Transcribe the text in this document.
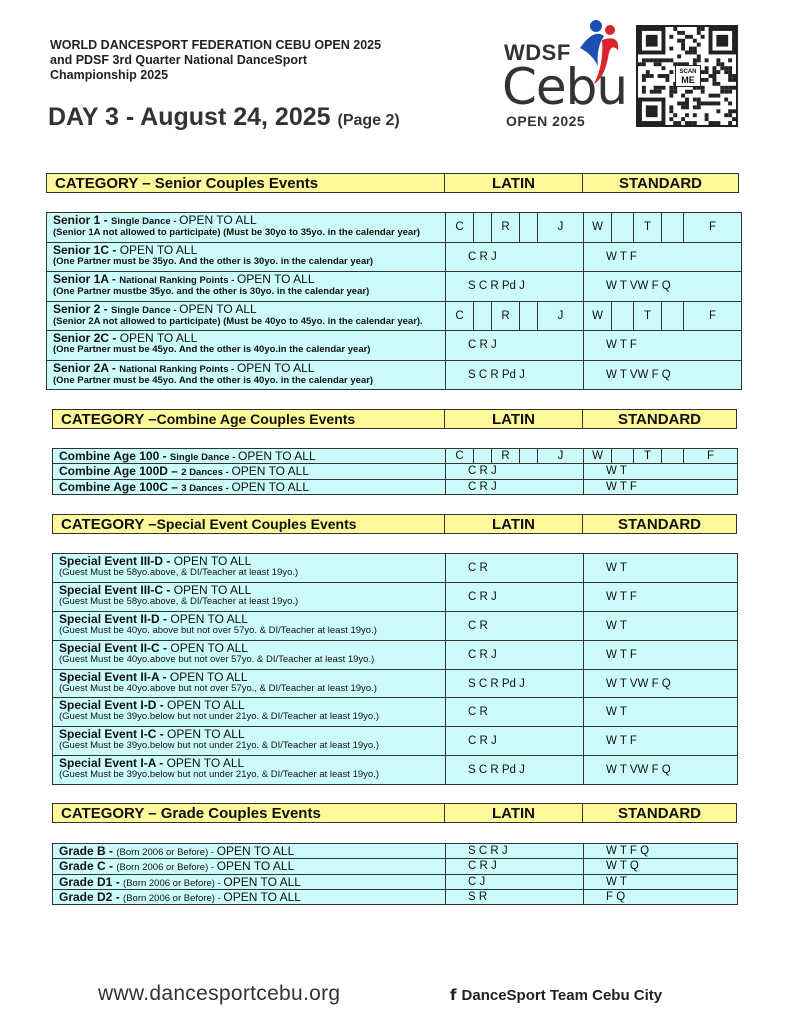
WORLD DANCESPORT FEDERATION CEBU OPEN 2025
and PDSF 3rd Quarter National DanceSport
Championship 2025
DAY 3 - August 24, 2025 (Page 2)
WDSF
Cebu
OPEN 2025
SCAN
ME
CATEGORY – Senior Couples Events	LATIN	STANDARD
Senior 1 - Single Dance - OPEN TO ALL
(Senior 1A not allowed to participate) (Must be 30yo to 35yo. in the calendar year)	C	R	J	W	T	F
Senior 1C - OPEN TO ALL
(One Partner must be 35yo. And the other is 30yo. in the calendar year)	C R J	W T F
Senior 1A - National Ranking Points - OPEN TO ALL
(One Partner mustbe 35yo. and the other is 30yo. in the calendar year)	S C R Pd J	W T VW F Q
Senior 2 - Single Dance - OPEN TO ALL
(Senior 2A not allowed to participate) (Must be 40yo to 45yo. in the calendar year).	C	R	J	W	T	F
Senior 2C - OPEN TO ALL
(One Partner must be 45yo. And the other is 40yo.in the calendar year)	C R J	W T F
Senior 2A - National Ranking Points - OPEN TO ALL
(One Partner must be 45yo. And the other is 40yo. in the calendar year)	S C R Pd J	W T VW F Q
CATEGORY – Combine Age Couples Events	LATIN	STANDARD
Combine Age 100 - Single Dance - OPEN TO ALL	C	R	J	W	T	F
Combine Age 100D – 2 Dances - OPEN TO ALL	C R J	W T
Combine Age 100C – 3 Dances - OPEN TO ALL	C R J	W T F
CATEGORY – Special Event Couples Events	LATIN	STANDARD
Special Event III-D - OPEN TO ALL
(Guest Must be 58yo.above, & DI/Teacher at least 19yo.)	C R	W T
Special Event III-C - OPEN TO ALL
(Guest Must be 58yo.above, & DI/Teacher at least 19yo.)	C R J	W T F
Special Event II-D - OPEN TO ALL
(Guest Must be 40yo. above but not over 57yo. & DI/Teacher at least 19yo.)	C R	W T
Special Event II-C - OPEN TO ALL
(Guest Must be 40yo.above but not over 57yo. & DI/Teacher at least 19yo.)	C R J	W T F
Special Event II-A - OPEN TO ALL
(Guest Must be 40yo.above but not over 57yo., & DI/Teacher at least 19yo.)	S C R Pd J	W T VW F Q
Special Event I-D - OPEN TO ALL
(Guest Must be 39yo.below but not under 21yo. & DI/Teacher at least 19yo.)	C R	W T
Special Event I-C - OPEN TO ALL
(Guest Must be 39yo.below but not under 21yo. & DI/Teacher at least 19yo.)	C R J	W T F
Special Event I-A - OPEN TO ALL
(Guest Must be 39yo.below but not under 21yo. & DI/Teacher at least 19yo.)	S C R Pd J	W T VW F Q
CATEGORY – Grade Couples Events	LATIN	STANDARD
Grade B - (Born 2006 or Before) - OPEN TO ALL	S C R J	W T F Q
Grade C - (Born 2006 or Before) - OPEN TO ALL	C R J	W T Q
Grade D1 - (Born 2006 or Before) - OPEN TO ALL	C J	W T
Grade D2 - (Born 2006 or Before) - OPEN TO ALL	S R	F Q
www.dancesportcebu.org	f DanceSport Team Cebu City
